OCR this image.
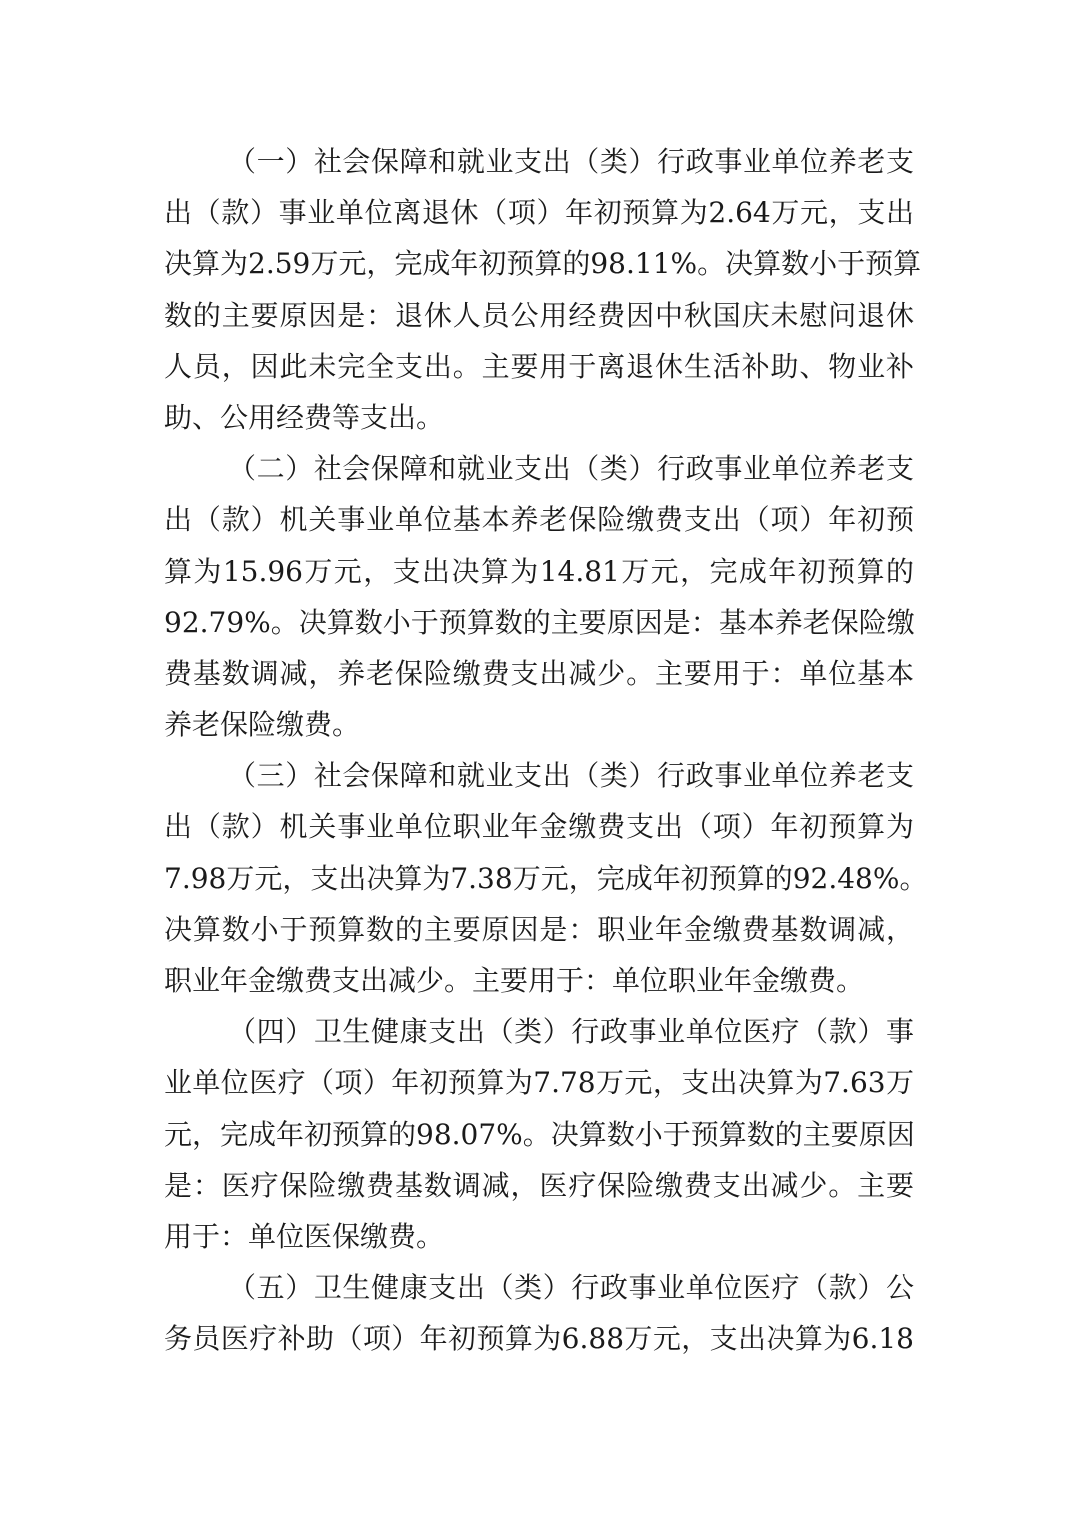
（一）社会保障和就业支出（类）行政事业单位养老支
出（款）事业单位离退休（项）年初预算为2.64万元，支出
决算为2.59万元，完成年初预算的98.11%。决算数小于预算
数的主要原因是：退休人员公用经费因中秋国庆未慰问退休
人员，因此未完全支出。主要用于离退休生活补助、物业补
助、公用经费等支出。
（二）社会保障和就业支出（类）行政事业单位养老支
出（款）机关事业单位基本养老保险缴费支出（项）年初预
算为15.96万元，支出决算为14.81万元，完成年初预算的
92.79%。决算数小于预算数的主要原因是：基本养老保险缴
费基数调减，养老保险缴费支出减少。主要用于：单位基本
养老保险缴费。
（三）社会保障和就业支出（类）行政事业单位养老支
出（款）机关事业单位职业年金缴费支出（项）年初预算为
7.98万元，支出决算为7.38万元，完成年初预算的92.48%。
决算数小于预算数的主要原因是：职业年金缴费基数调减，
职业年金缴费支出减少。主要用于：单位职业年金缴费。
（四）卫生健康支出（类）行政事业单位医疗（款）事
业单位医疗（项）年初预算为7.78万元，支出决算为7.63万
元，完成年初预算的98.07%。决算数小于预算数的主要原因
是：医疗保险缴费基数调减，医疗保险缴费支出减少。主要
用于：单位医保缴费。
（五）卫生健康支出（类）行政事业单位医疗（款）公
务员医疗补助（项）年初预算为6.88万元，支出决算为6.18
